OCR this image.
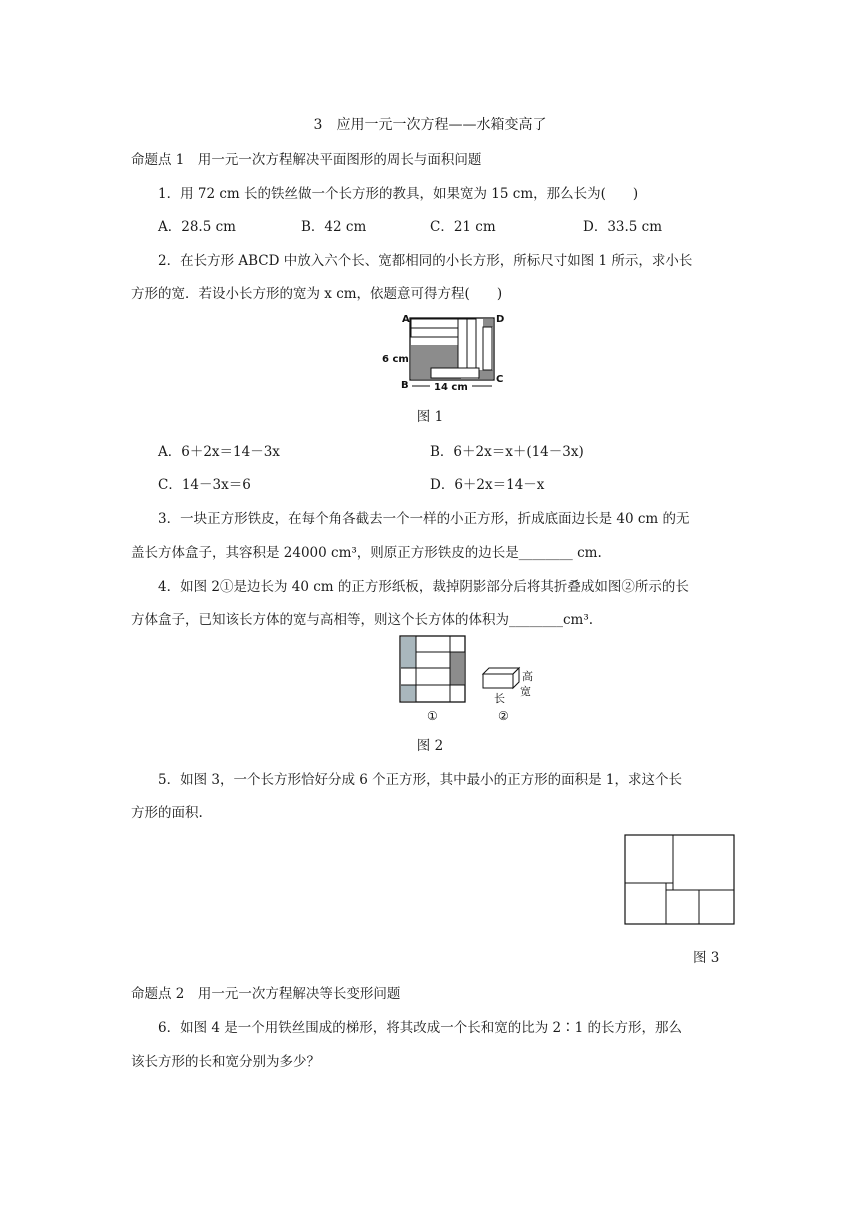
3　应用一元一次方程——水箱变高了
命题点 1　用一元一次方程解决平面图形的周长与面积问题
1．用 72 cm 长的铁丝做一个长方形的教具，如果宽为 15 cm，那么长为(　　)
A．28.5 cm	B．42 cm	C．21 cm	D．33.5 cm
2．在长方形 ABCD 中放入六个长、宽都相同的小长方形，所标尺寸如图 1 所示，求小长
方形的宽．若设小长方形的宽为 x cm，依题意可得方程(　　)
A	D
B
C
6 cm
14 cm
图 1
A．6＋2x＝14－3x	B．6＋2x＝x＋(14－3x)
C．14－3x＝6	D．6＋2x＝14－x
3．一块正方形铁皮，在每个角各截去一个一样的小正方形，折成底面边长是 40 cm 的无
盖长方体盒子，其容积是 24000 cm³，则原正方形铁皮的边长是________ cm.
4．如图 2①是边长为 40 cm 的正方形纸板，裁掉阴影部分后将其折叠成如图②所示的长
方体盒子，已知该长方体的宽与高相等，则这个长方体的体积为________cm³.
高
宽
长
①	②
图 2
5．如图 3，一个长方形恰好分成 6 个正方形，其中最小的正方形的面积是 1，求这个长
方形的面积.
图 3
命题点 2　用一元一次方程解决等长变形问题
6．如图 4 是一个用铁丝围成的梯形，将其改成一个长和宽的比为 2∶1 的长方形，那么
该长方形的长和宽分别为多少？
